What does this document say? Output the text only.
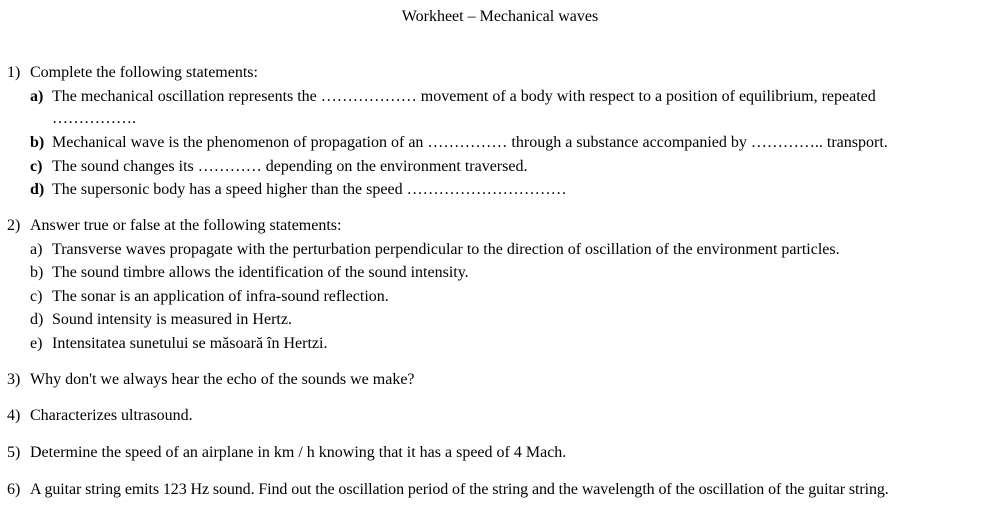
Workheet – Mechanical waves
1) Complete the following statements:
a) The mechanical oscillation represents the ……………… movement of a body with respect to a position of equilibrium, repeated
…………….
b) Mechanical wave is the phenomenon of propagation of an …………… through a substance accompanied by ………….. transport.
c) The sound changes its ………… depending on the environment traversed.
d) The supersonic body has a speed higher than the speed …………………………
2) Answer true or false at the following statements:
a) Transverse waves propagate with the perturbation perpendicular to the direction of oscillation of the environment particles.
b) The sound timbre allows the identification of the sound intensity.
c) The sonar is an application of infra-sound reflection.
d) Sound intensity is measured in Hertz.
e) Intensitatea sunetului se măsoară în Hertzi.
3) Why don't we always hear the echo of the sounds we make?
4) Characterizes ultrasound.
5) Determine the speed of an airplane in km / h knowing that it has a speed of 4 Mach.
6) A guitar string emits 123 Hz sound. Find out the oscillation period of the string and the wavelength of the oscillation of the guitar string.
